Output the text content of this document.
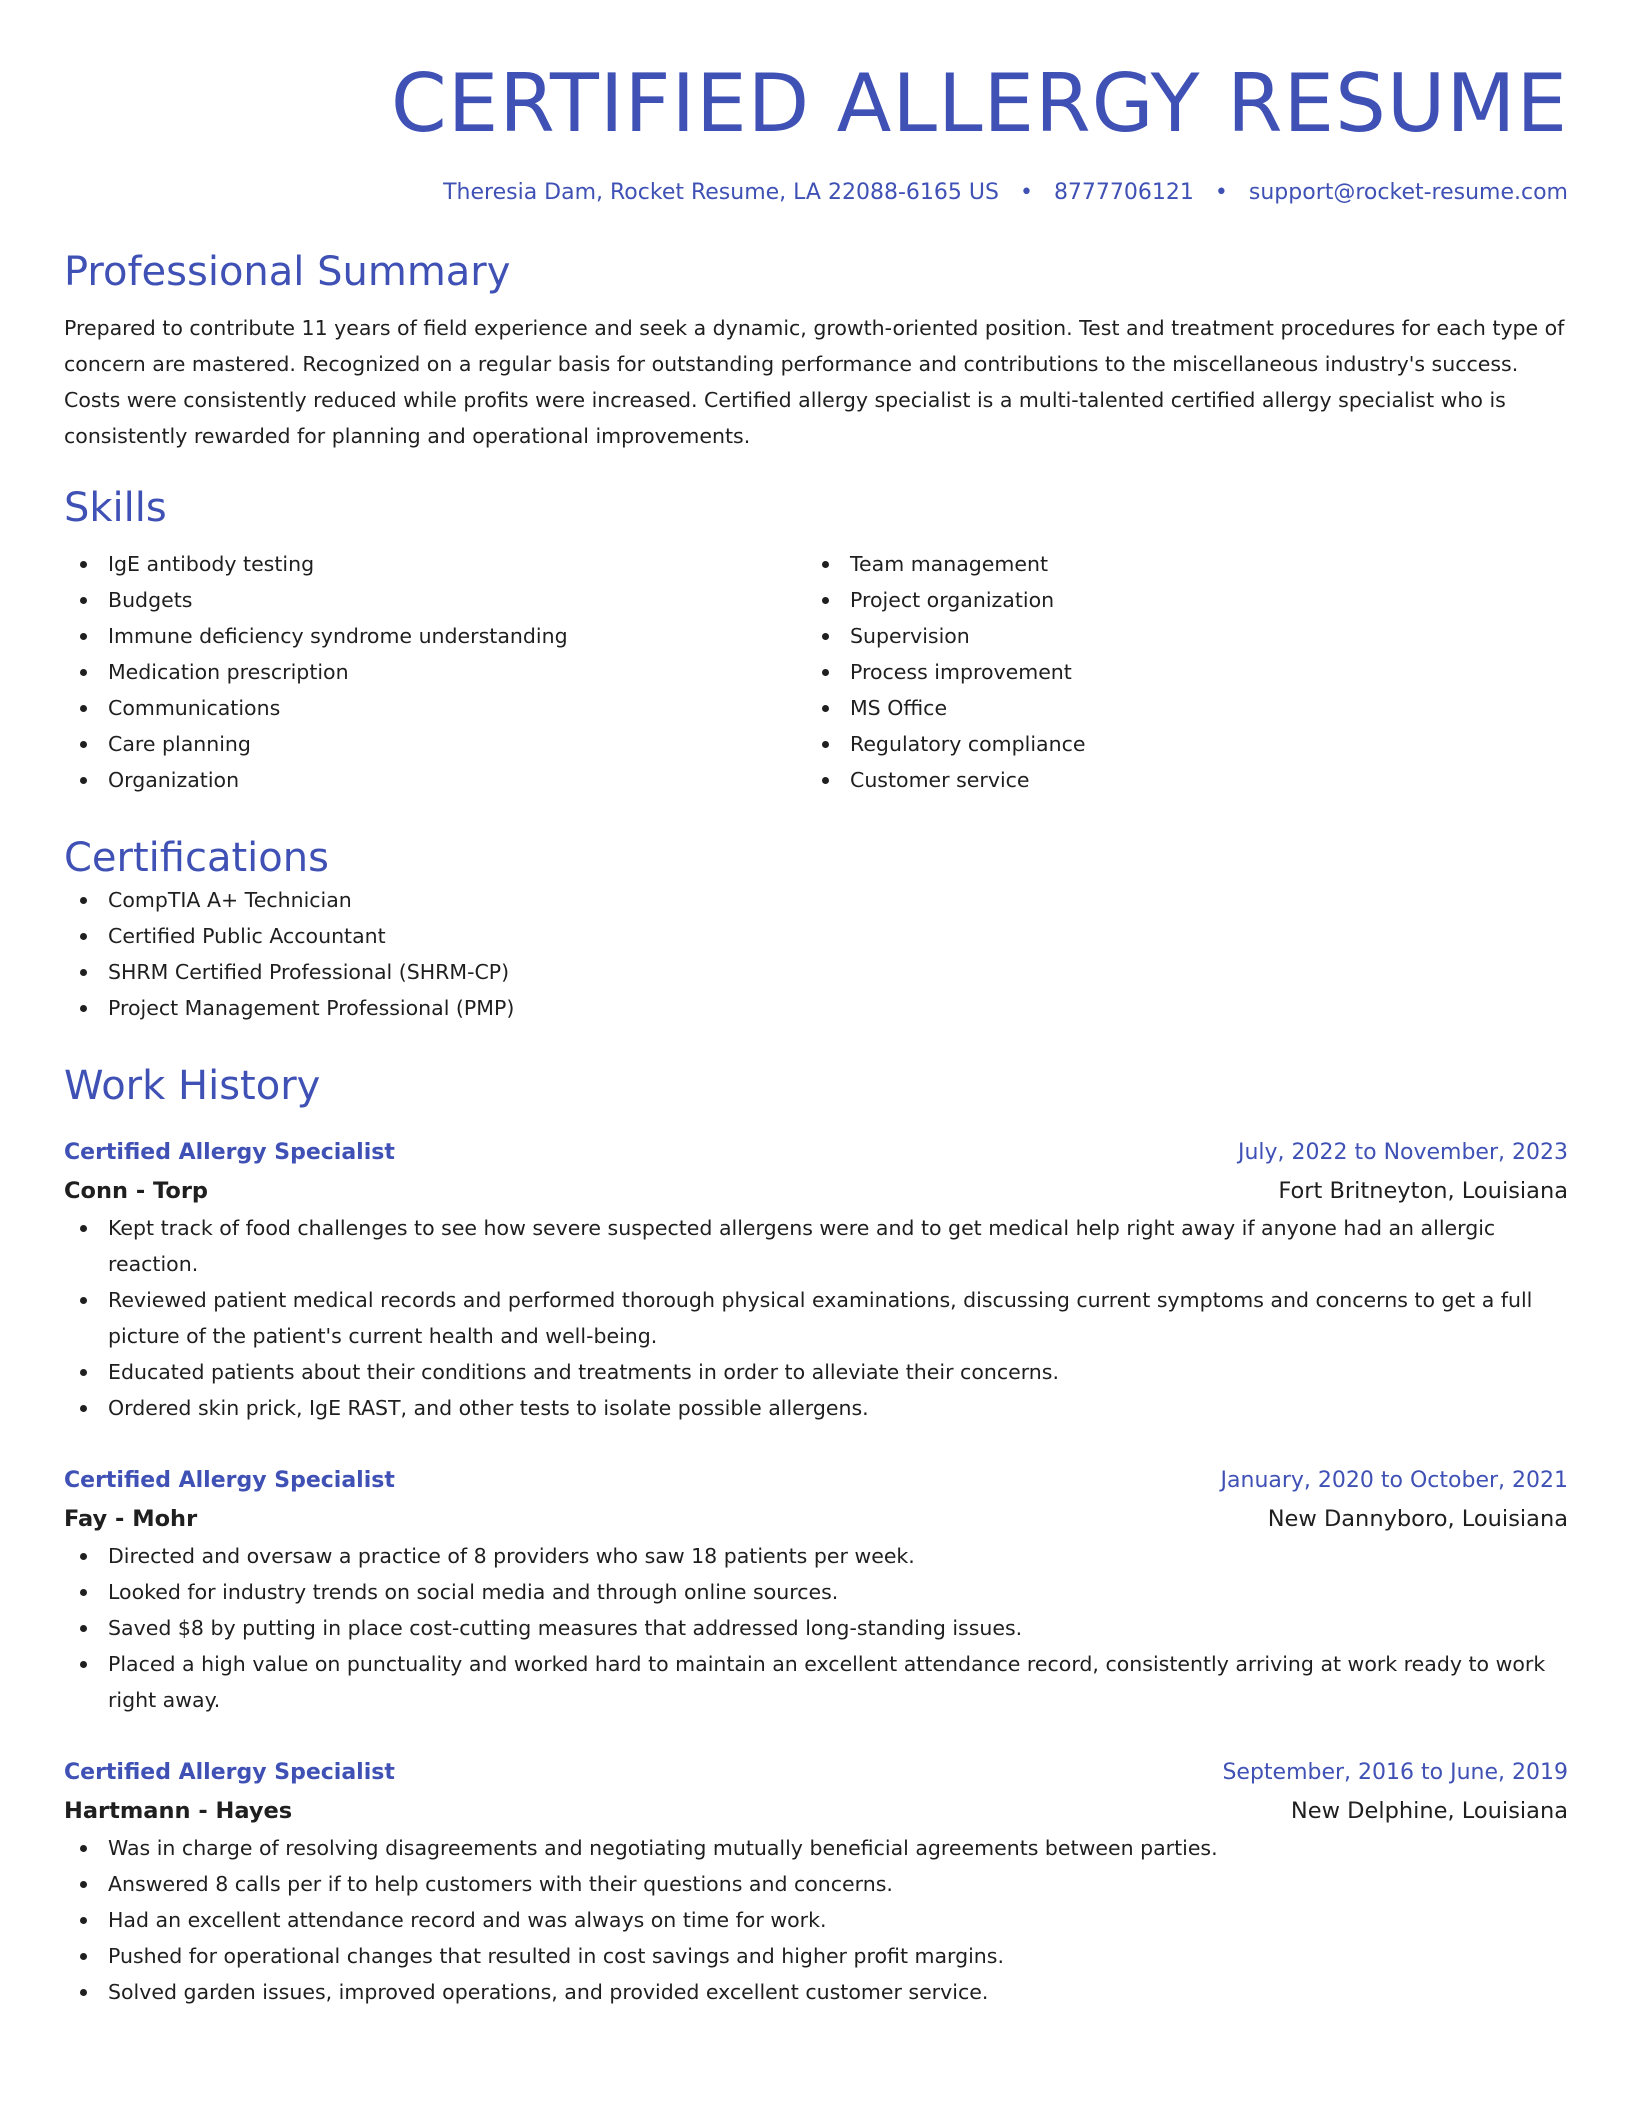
CERTIFIED ALLERGY RESUME
Theresia Dam, Rocket Resume, LA 22088-6165 US • 8777706121 • support@rocket-resume.com
Professional Summary

Prepared to contribute 11 years of field experience and seek a dynamic, growth-oriented position. Test and treatment procedures for each type of concern are mastered. Recognized on a regular basis for outstanding performance and contributions to the miscellaneous industry's success. Costs were consistently reduced while profits were increased. Certified allergy specialist is a multi-talented certified allergy specialist who is consistently rewarded for planning and operational improvements.

Skills
IgE antibody testing
Budgets
Immune deficiency syndrome understanding
Medication prescription
Communications
Care planning
Organization
Team management
Project organization
Supervision
Process improvement
MS Office
Regulatory compliance
Customer service
Certifications
CompTIA A+ Technician
Certified Public Accountant
SHRM Certified Professional (SHRM-CP)
Project Management Professional (PMP)
Work History
Certified Allergy Specialist	July, 2022 to November, 2023
Conn - Torp	Fort Britneyton, Louisiana
Kept track of food challenges to see how severe suspected allergens were and to get medical help right away if anyone had an allergic reaction.
Reviewed patient medical records and performed thorough physical examinations, discussing current symptoms and concerns to get a full picture of the patient's current health and well-being.
Educated patients about their conditions and treatments in order to alleviate their concerns.
Ordered skin prick, IgE RAST, and other tests to isolate possible allergens.
Certified Allergy Specialist	January, 2020 to October, 2021
Fay - Mohr	New Dannyboro, Louisiana
Directed and oversaw a practice of 8 providers who saw 18 patients per week.
Looked for industry trends on social media and through online sources.
Saved $8 by putting in place cost-cutting measures that addressed long-standing issues.
Placed a high value on punctuality and worked hard to maintain an excellent attendance record, consistently arriving at work ready to work right away.
Certified Allergy Specialist	September, 2016 to June, 2019
Hartmann - Hayes	New Delphine, Louisiana
Was in charge of resolving disagreements and negotiating mutually beneficial agreements between parties.
Answered 8 calls per if to help customers with their questions and concerns.
Had an excellent attendance record and was always on time for work.
Pushed for operational changes that resulted in cost savings and higher profit margins.
Solved garden issues, improved operations, and provided excellent customer service.
